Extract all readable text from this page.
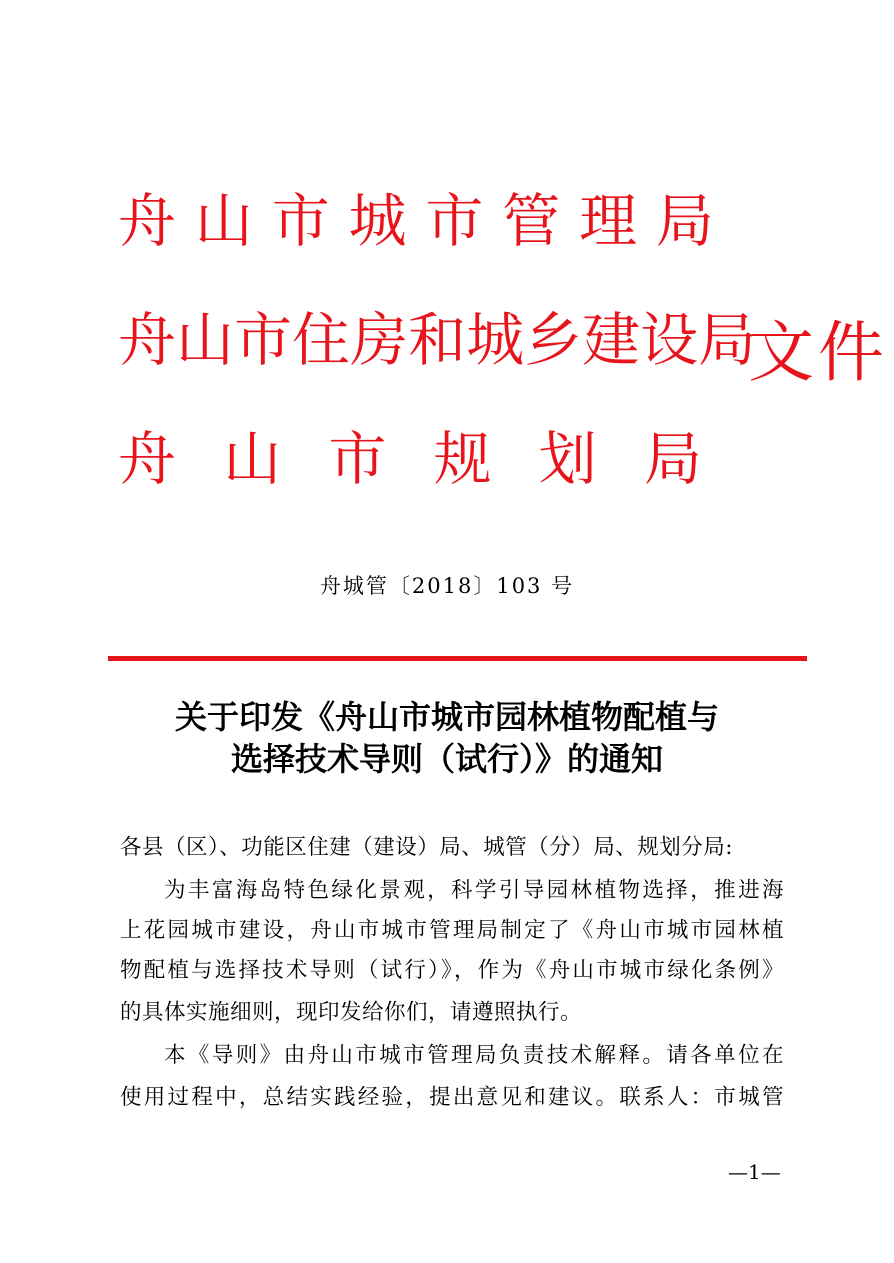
舟 山 市 城 市 管 理 局
舟 山 市 住 房 和 城 乡 建 设 局
舟 山 市 规 划 局
文件
舟城管〔2018〕103 号
关于印发《舟山市城市园林植物配植与
选择技术导则（试行）》的通知
各县（区）、功能区住建（建设）局、城管（分）局、规划分局:
为丰富海岛特色绿化景观，科学引导园林植物选择，推进海
上花园城市建设，舟山市城市管理局制定了《舟山市城市园林植
物配植与选择技术导则（试行）》，作为《舟山市城市绿化条例》
的具体实施细则，现印发给你们，请遵照执行。
本《导则》由舟山市城市管理局负责技术解释。请各单位在
使用过程中，总结实践经验，提出意见和建议。联系人：市城管
—1—
